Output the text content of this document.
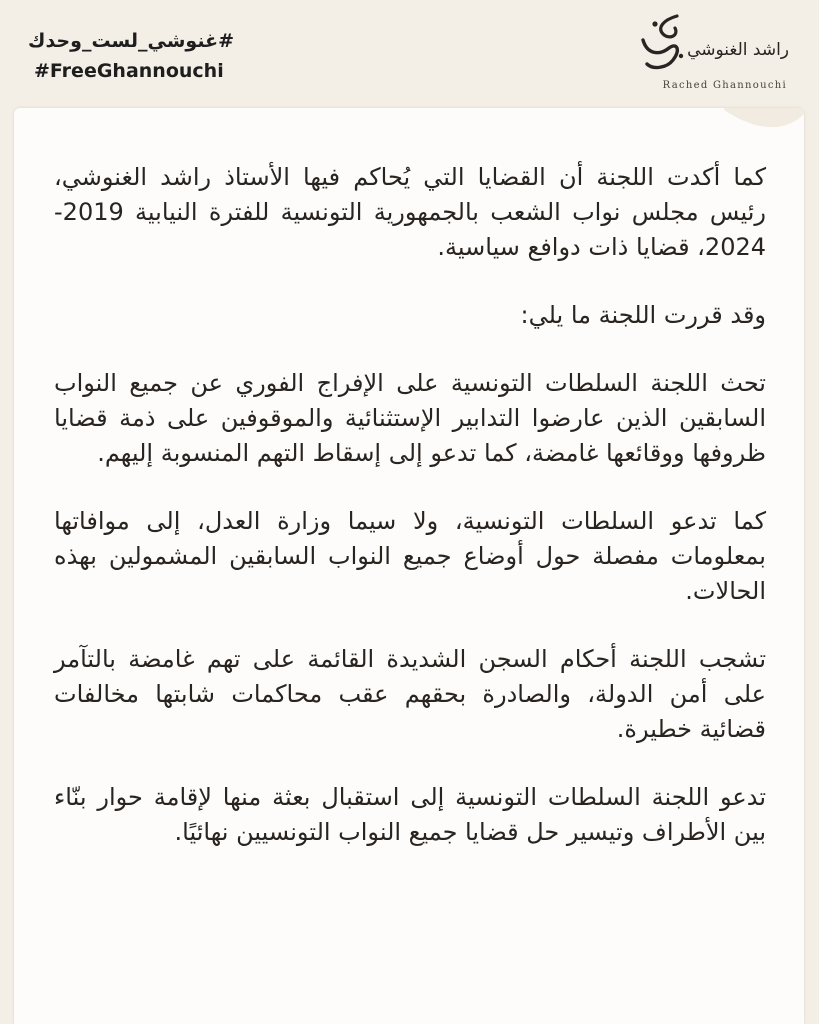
#غنوشي_لست_وحدك
#FreeGhannouchi
راشد الغنوشي
Rached Ghannouchi

كما أكدت اللجنة أن القضايا التي يُحاكم فيها الأستاذ راشد الغنوشي، رئيس مجلس نواب الشعب بالجمهورية التونسية للفترة النيابية 2019-2024، قضايا ذات دوافع سياسية.

وقد قررت اللجنة ما يلي:

تحث اللجنة السلطات التونسية على الإفراج الفوري عن جميع النواب السابقين الذين عارضوا التدابير الإستثنائية والموقوفين على ذمة قضايا ظروفها ووقائعها غامضة، كما تدعو إلى إسقاط التهم المنسوبة إليهم.

كما تدعو السلطات التونسية، ولا سيما وزارة العدل، إلى موافاتها بمعلومات مفصلة حول أوضاع جميع النواب السابقين المشمولين بهذه الحالات.

تشجب اللجنة أحكام السجن الشديدة القائمة على تهم غامضة بالتآمر على أمن الدولة، والصادرة بحقهم عقب محاكمات شابتها مخالفات قضائية خطيرة.

تدعو اللجنة السلطات التونسية إلى استقبال بعثة منها لإقامة حوار بنّاء بين الأطراف وتيسير حل قضايا جميع النواب التونسيين نهائيًا.
